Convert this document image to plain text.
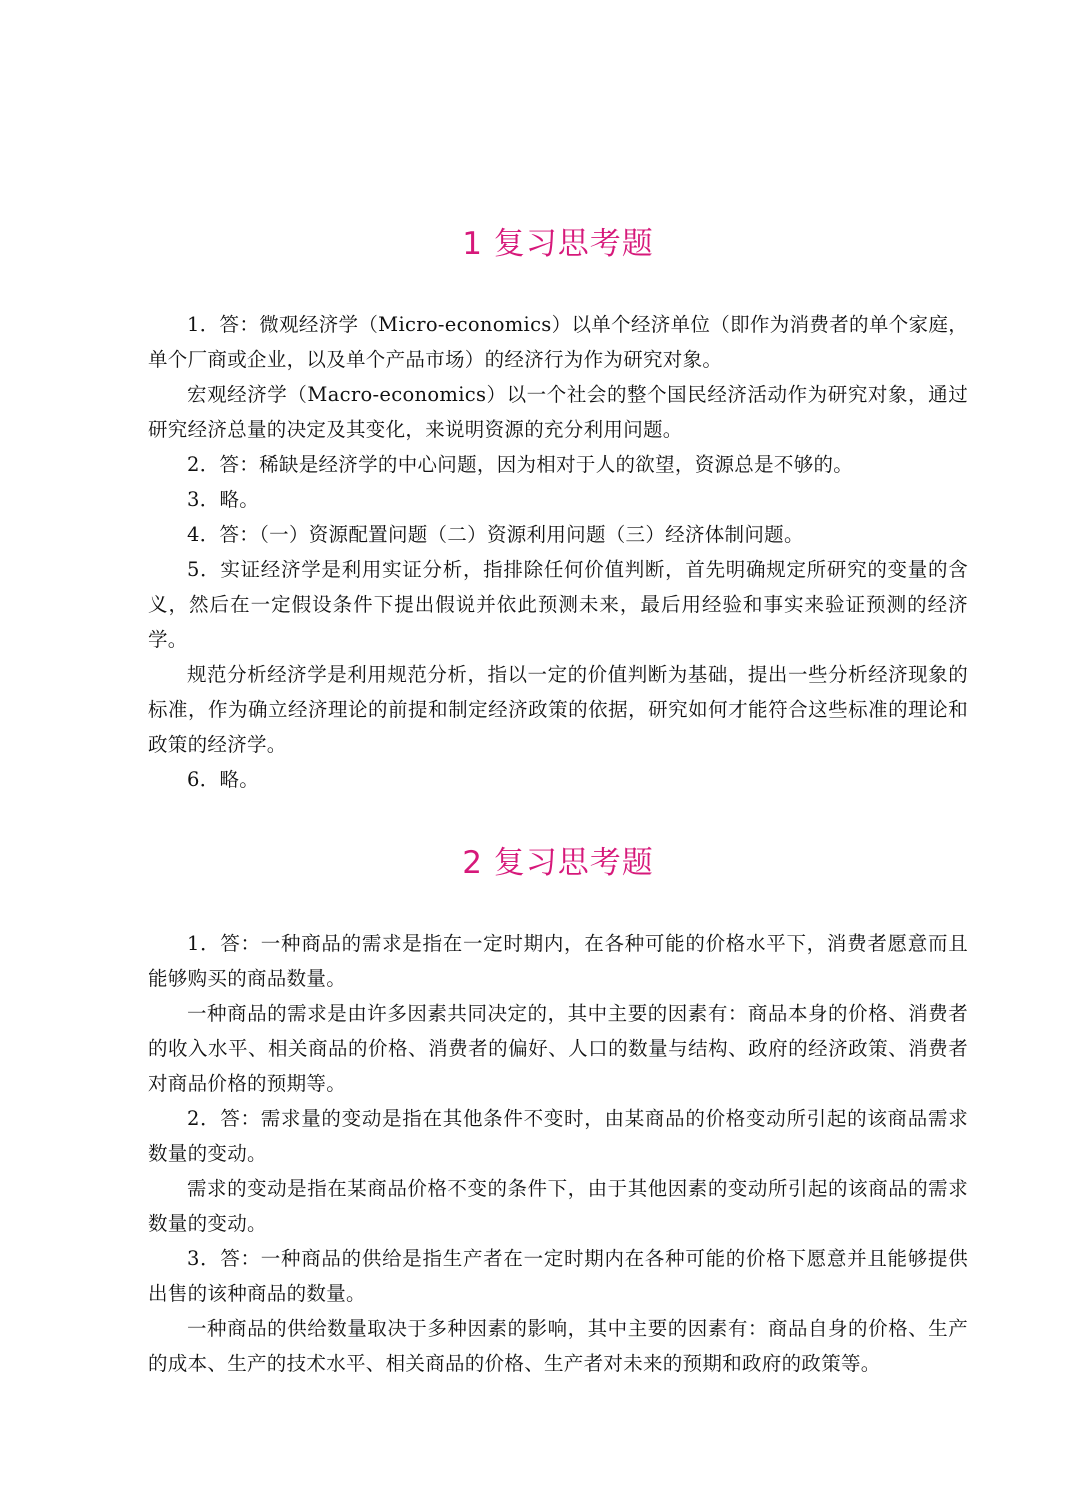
1 复习思考题

1．答：微观经济学（Micro-economics）以单个经济单位（即作为消费者的单个家庭，单个厂商或企业，以及单个产品市场）的经济行为作为研究对象。

宏观经济学（Macro-economics）以一个社会的整个国民经济活动作为研究对象，通过研究经济总量的决定及其变化，来说明资源的充分利用问题。

2．答：稀缺是经济学的中心问题，因为相对于人的欲望，资源总是不够的。

3．略。

4．答：（一）资源配置问题（二）资源利用问题（三）经济体制问题。

5．实证经济学是利用实证分析，指排除任何价值判断，首先明确规定所研究的变量的含义，然后在一定假设条件下提出假说并依此预测未来，最后用经验和事实来验证预测的经济学。

规范分析经济学是利用规范分析，指以一定的价值判断为基础，提出一些分析经济现象的标准，作为确立经济理论的前提和制定经济政策的依据，研究如何才能符合这些标准的理论和政策的经济学。

6．略。

2 复习思考题

1．答：一种商品的需求是指在一定时期内，在各种可能的价格水平下，消费者愿意而且能够购买的商品数量。

一种商品的需求是由许多因素共同决定的，其中主要的因素有：商品本身的价格、消费者的收入水平、相关商品的价格、消费者的偏好、人口的数量与结构、政府的经济政策、消费者对商品价格的预期等。

2．答：需求量的变动是指在其他条件不变时，由某商品的价格变动所引起的该商品需求数量的变动。

需求的变动是指在某商品价格不变的条件下，由于其他因素的变动所引起的该商品的需求数量的变动。

3．答：一种商品的供给是指生产者在一定时期内在各种可能的价格下愿意并且能够提供出售的该种商品的数量。

一种商品的供给数量取决于多种因素的影响，其中主要的因素有：商品自身的价格、生产的成本、生产的技术水平、相关商品的价格、生产者对未来的预期和政府的政策等。
